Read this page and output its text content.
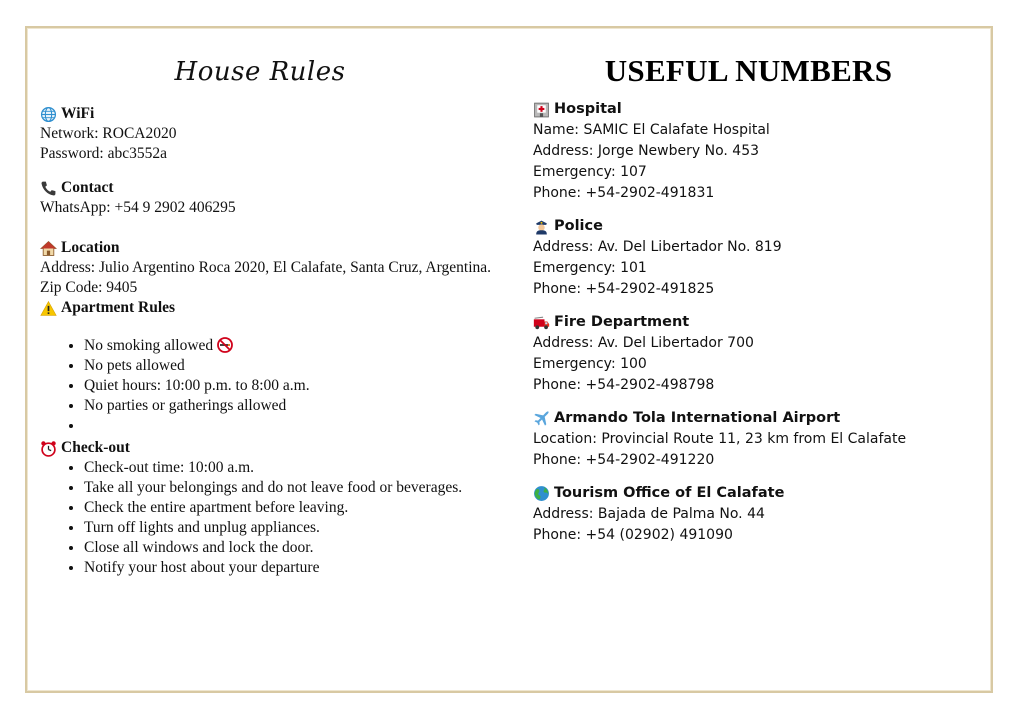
House Rules
WiFi
Network: ROCA2020
Password: abc3552a
Contact
WhatsApp: +54 9 2902 406295
Location
Address: Julio Argentino Roca 2020, El Calafate, Santa Cruz, Argentina. Zip Code: 9405
Apartment Rules
• No smoking allowed
• No pets allowed
• Quiet hours: 10:00 p.m. to 8:00 a.m.
• No parties or gatherings allowed
•
Check-out
• Check-out time: 10:00 a.m.
• Take all your belongings and do not leave food or beverages.
• Check the entire apartment before leaving.
• Turn off lights and unplug appliances.
• Close all windows and lock the door.
• Notify your host about your departure
USEFUL NUMBERS
Hospital
Name: SAMIC El Calafate Hospital
Address: Jorge Newbery No. 453
Emergency: 107
Phone: +54-2902-491831
Police
Address: Av. Del Libertador No. 819
Emergency: 101
Phone: +54-2902-491825
Fire Department
Address: Av. Del Libertador 700
Emergency: 100
Phone: +54-2902-498798
Armando Tola International Airport
Location: Provincial Route 11, 23 km from El Calafate
Phone: +54-2902-491220
Tourism Office of El Calafate
Address: Bajada de Palma No. 44
Phone: +54 (02902) 491090
